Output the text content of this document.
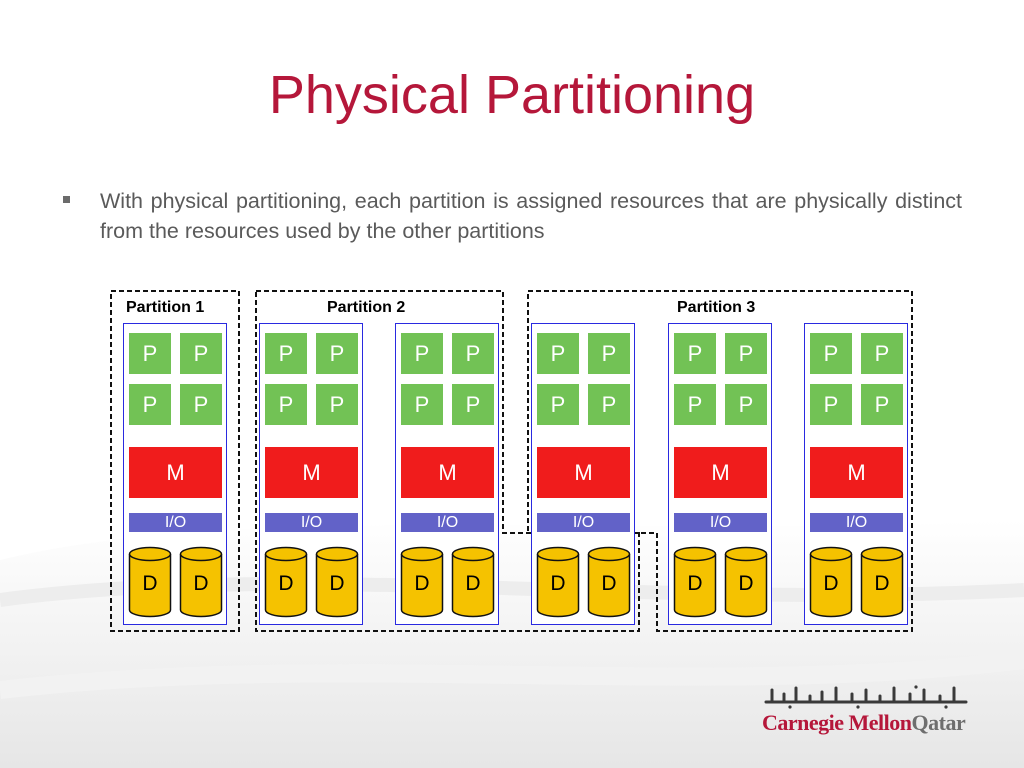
Physical Partitioning
With physical partitioning, each partition is assigned resources that are physically distinct from the resources used by the other partitions
Partition 1	Partition 2	Partition 3
P	P
P	P
M
I/O
D	D
P	P
P	P
M
I/O
D	D
P	P
P	P
M
I/O
D	D
P	P
P	P
M
I/O
D	D
P	P
P	P
M
I/O
D	D
P	P
P	P
M
I/O
D	D
Carnegie MellonQatar
